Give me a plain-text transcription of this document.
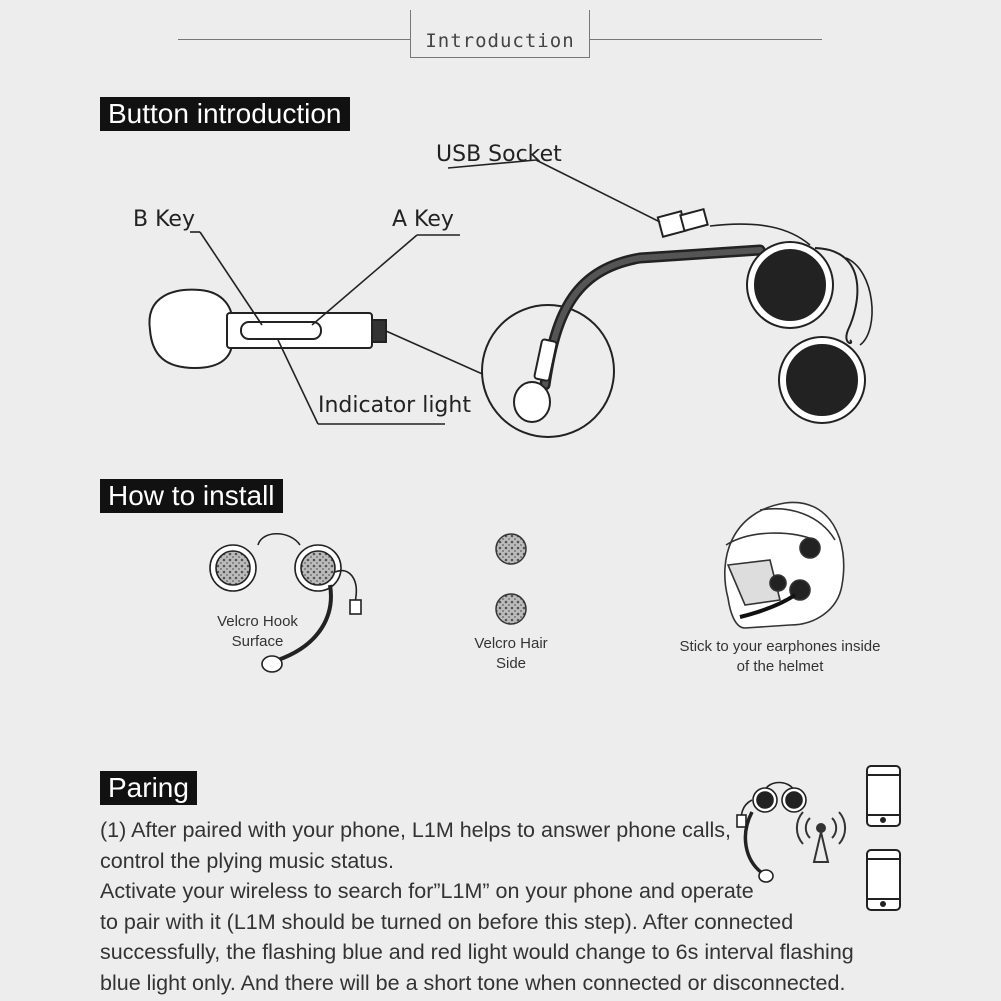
Introduction
Button introduction
How to install
Paring
USB Socket
B Key	A Key
Indicator light
Velcro Hook
Surface	Velcro Hair
Side
Stick to your earphones inside
of the helmet
(1) After paired with your phone, L1M helps to answer phone calls,
control the plying music status.
Activate your wireless to search for”L1M” on your phone and operate
to pair with it (L1M should be turned on before this step). After connected
successfully, the flashing blue and red light would change to 6s interval flashing
blue light only. And there will be a short tone when connected or disconnected.
